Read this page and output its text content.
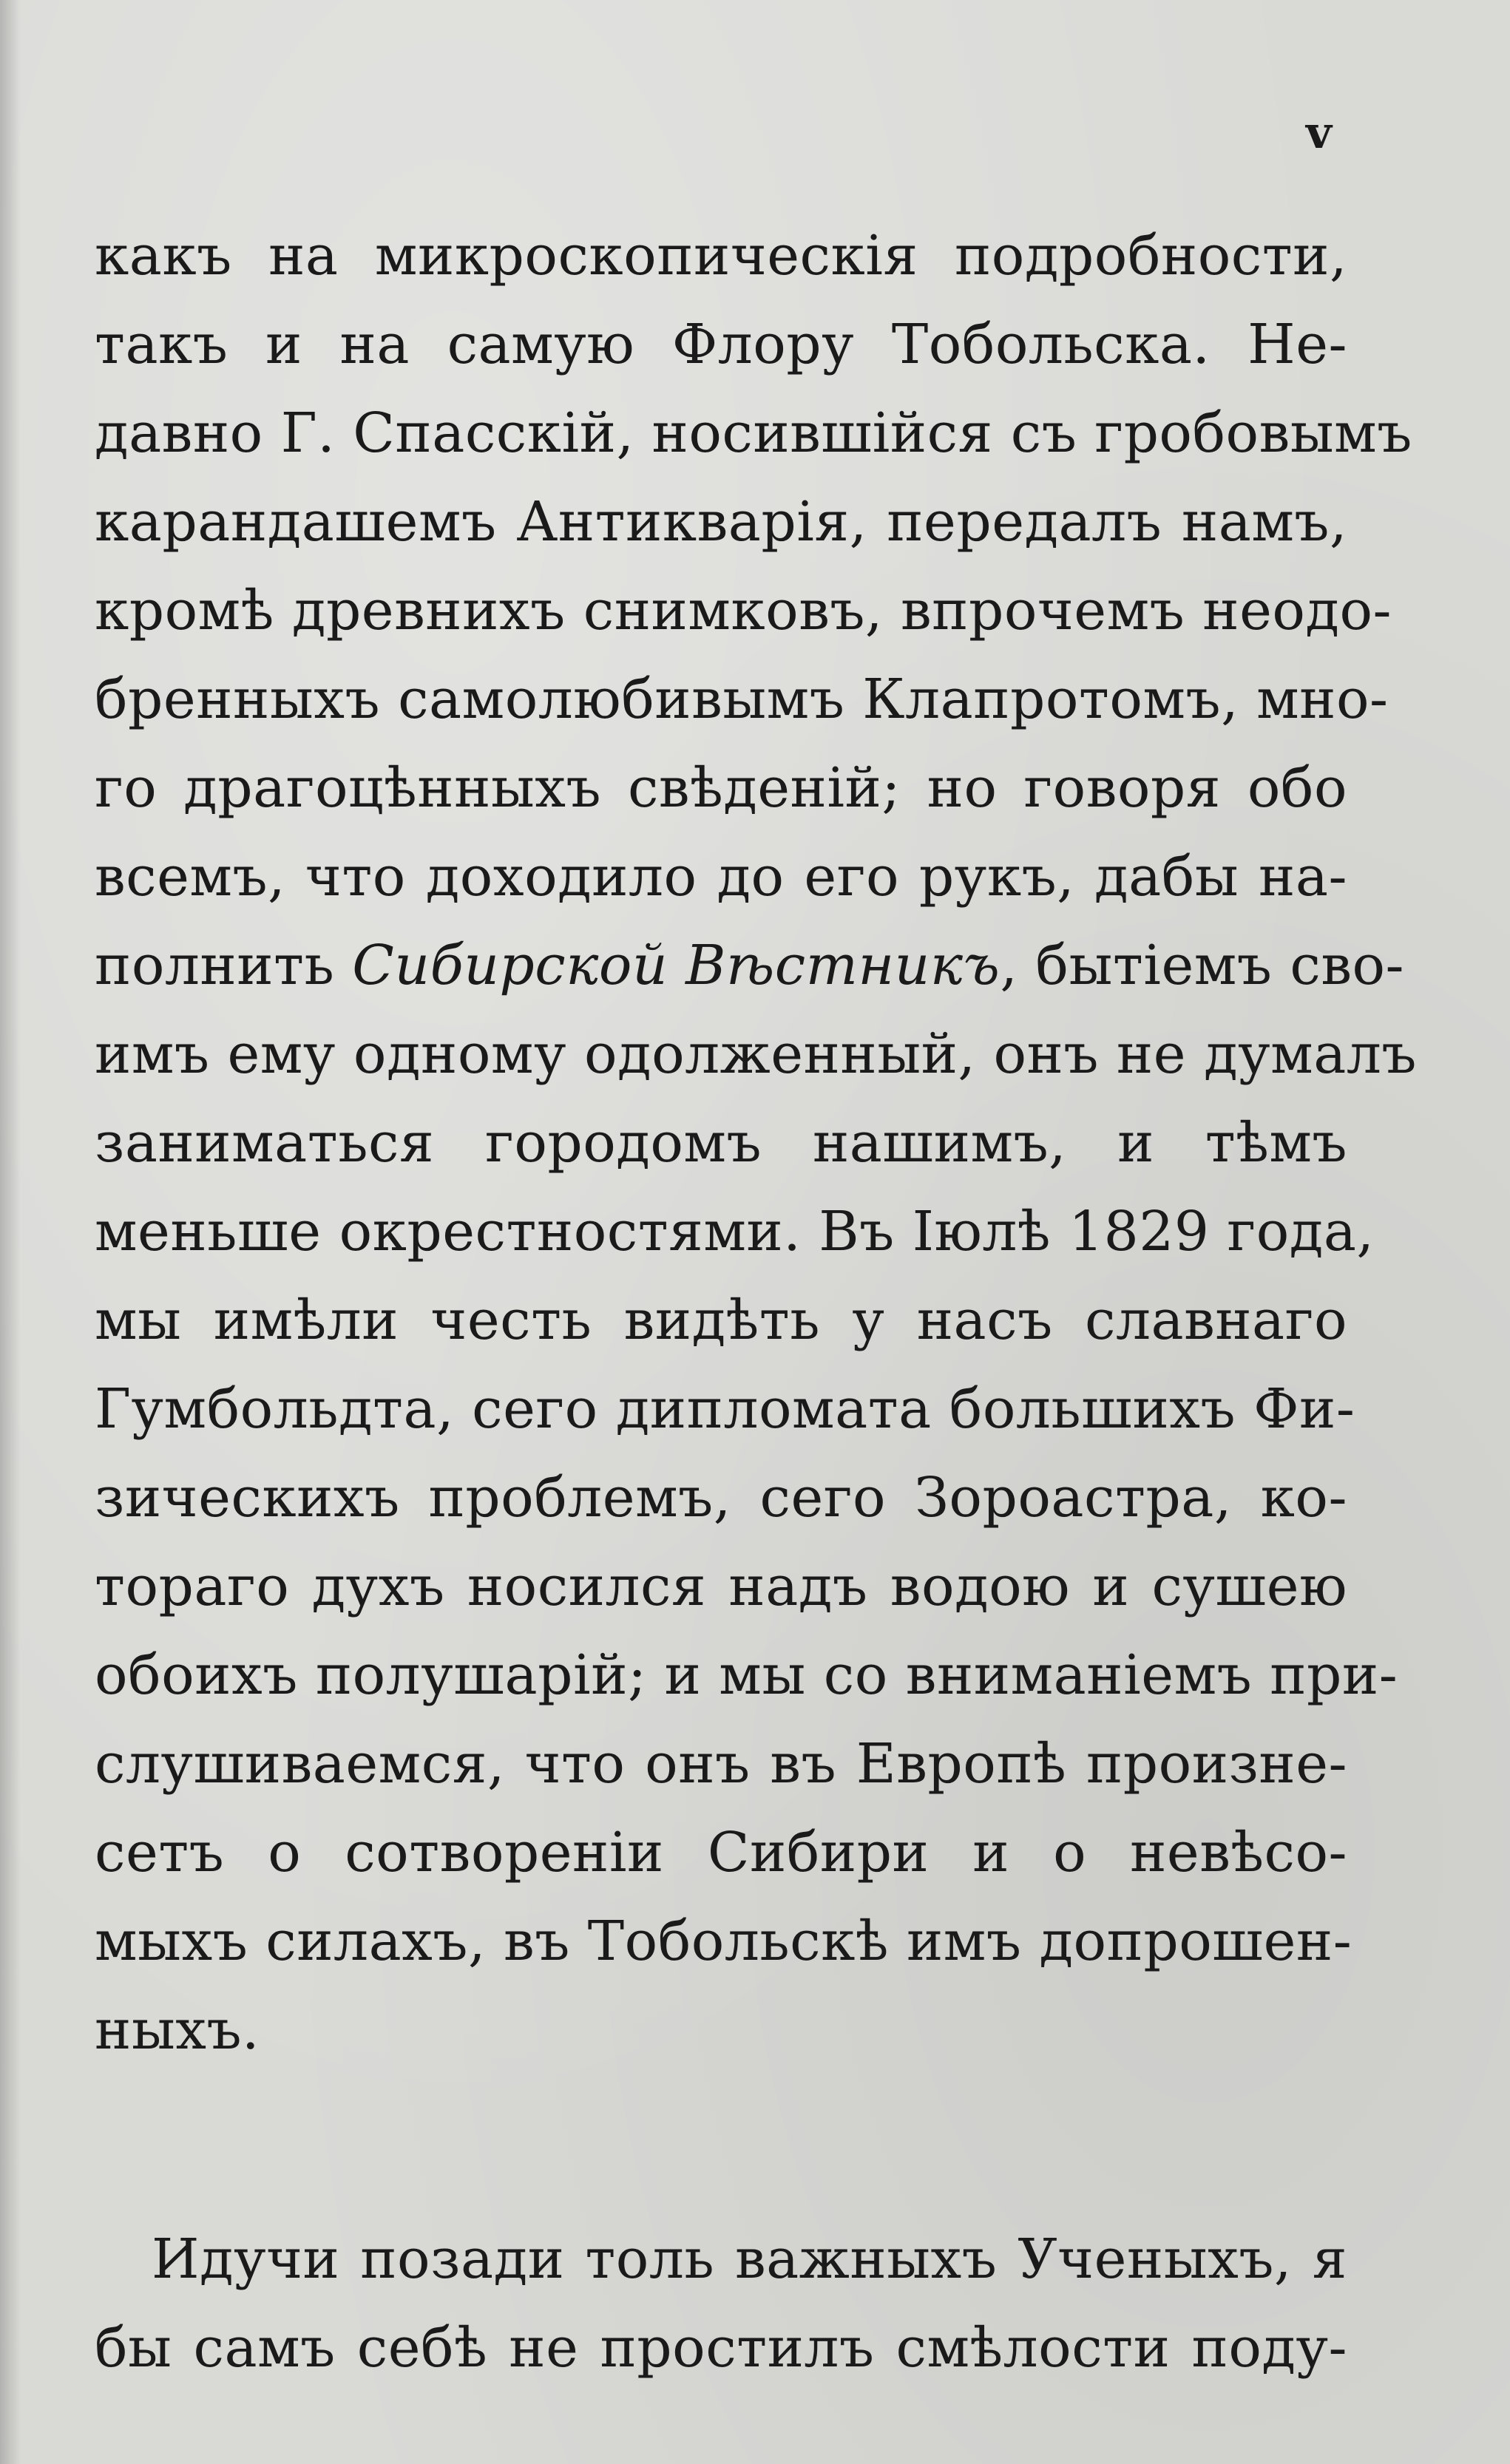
v
какъ на микроскопическія подробности,
такъ и на самую Флору Тобольска. Не-
давно Г. Спасскій, носившійся съ гробовымъ
карандашемъ Антикварія, передалъ намъ,
кромѣ древнихъ снимковъ, впрочемъ неодо-
бренныхъ самолюбивымъ Клапротомъ, мно-
го драгоцѣнныхъ свѣденій; но говоря обо
всемъ, что доходило до его рукъ, дабы на-
полнить Сибирской Вѣстникъ, бытіемъ сво-
имъ ему одному одолженный, онъ не думалъ
заниматься городомъ нашимъ, и тѣмъ
меньше окрестностями. Въ Іюлѣ 1829 года,
мы имѣли честь видѣть у насъ славнаго
Гумбольдта, сего дипломата большихъ Фи-
зическихъ проблемъ, сего Зороастра, ко-
тораго духъ носился надъ водою и сушею
обоихъ полушарій; и мы со вниманіемъ при-
слушиваемся, что онъ въ Европѣ произне-
сетъ о сотвореніи Сибири и о невѣсо-
мыхъ силахъ, въ Тобольскѣ имъ допрошен-
ныхъ.
Идучи позади толь важныхъ Ученыхъ, я
бы самъ себѣ не простилъ смѣлости поду-
